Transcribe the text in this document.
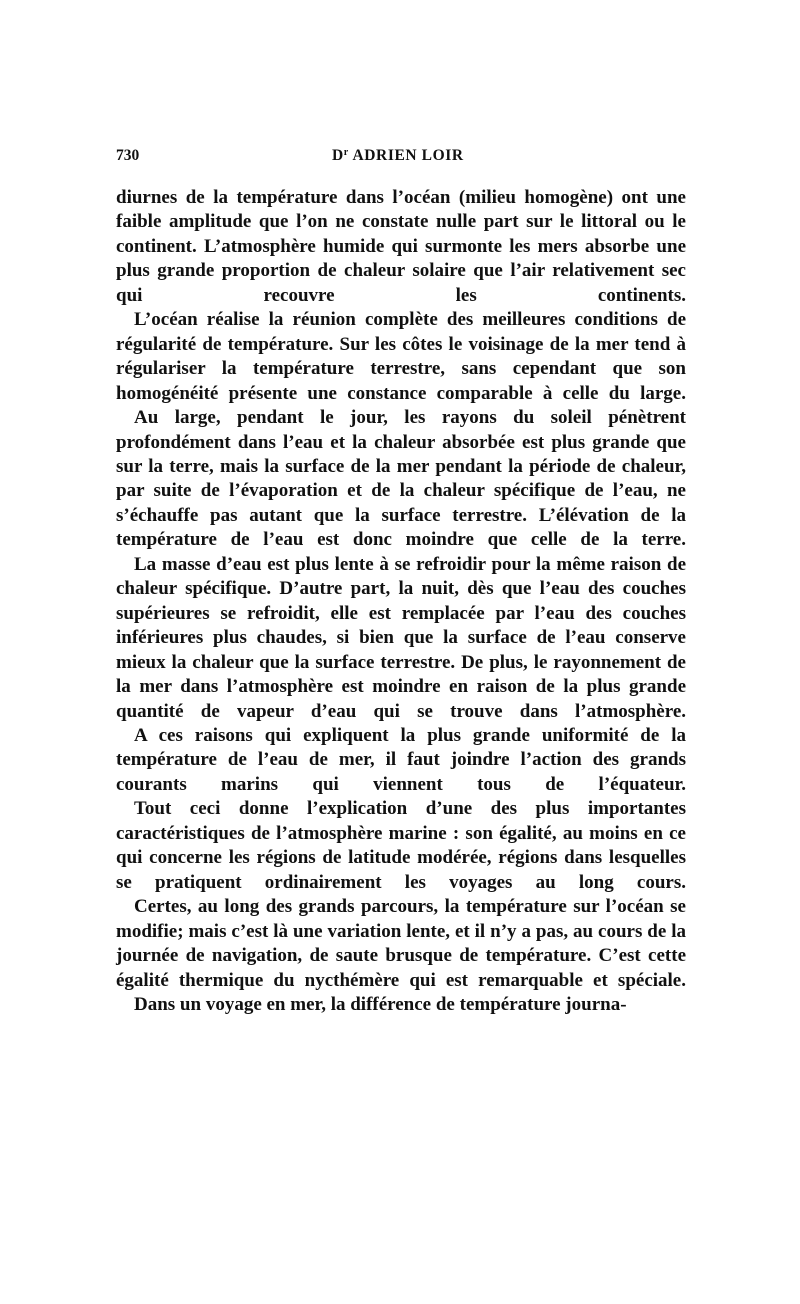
730	$D^r$ ADRIEN LOIR

diurnes de la température dans l’océan (milieu homogène) ont une faible amplitude que l’on ne constate nulle part sur le littoral ou le continent. L’atmosphère humide qui surmonte les mers absorbe une plus grande proportion de chaleur solaire que l’air relativement sec qui recouvre les continents.

L’océan réalise la réunion complète des meilleures conditions de régularité de température. Sur les côtes le voisinage de la mer tend à régulariser la température terrestre, sans cependant que son homogénéité présente une constance comparable à celle du large.

Au large, pendant le jour, les rayons du soleil pénètrent profondément dans l’eau et la chaleur absorbée est plus grande que sur la terre, mais la surface de la mer pendant la période de chaleur, par suite de l’évaporation et de la chaleur spécifique de l’eau, ne s’échauffe pas autant que la surface terrestre. L’élévation de la température de l’eau est donc moindre que celle de la terre.

La masse d’eau est plus lente à se refroidir pour la même raison de chaleur spécifique. D’autre part, la nuit, dès que l’eau des couches supérieures se refroidit, elle est remplacée par l’eau des couches inférieures plus chaudes, si bien que la surface de l’eau conserve mieux la chaleur que la surface terrestre. De plus, le rayonnement de la mer dans l’atmosphère est moindre en raison de la plus grande quantité de vapeur d’eau qui se trouve dans l’atmosphère.

A ces raisons qui expliquent la plus grande uniformité de la température de l’eau de mer, il faut joindre l’action des grands courants marins qui viennent tous de l’équateur.

Tout ceci donne l’explication d’une des plus importantes caractéristiques de l’atmosphère marine : son égalité, au moins en ce qui concerne les régions de latitude modérée, régions dans lesquelles se pratiquent ordinairement les voyages au long cours.

Certes, au long des grands parcours, la température sur l’océan se modifie; mais c’est là une variation lente, et il n’y a pas, au cours de la journée de navigation, de saute brusque de température. C’est cette égalité thermique du nycthémère qui est remarquable et spéciale.

Dans un voyage en mer, la différence de température journa-
